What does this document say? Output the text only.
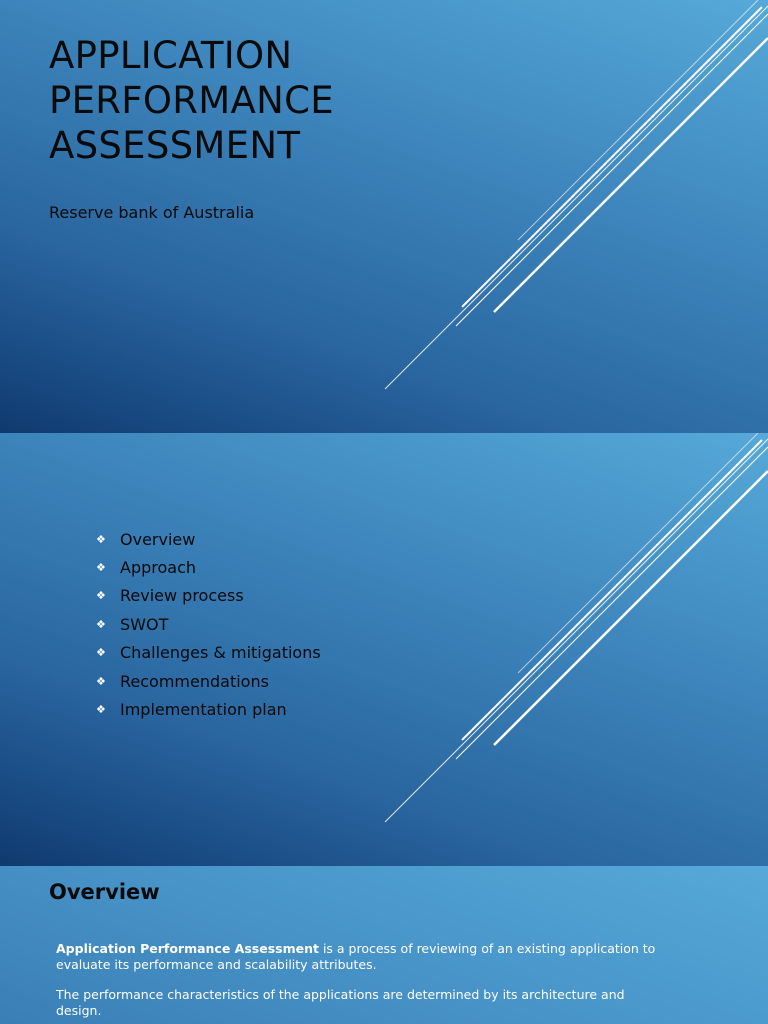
APPLICATION
PERFORMANCE
ASSESSMENT

Reserve bank of Australia

❖ Overview
❖ Approach
❖ Review process
❖ SWOT
❖ Challenges & mitigations
❖ Recommendations
❖ Implementation plan
Overview

Application Performance Assessment is a process of reviewing of an existing application to evaluate its performance and scalability attributes.

The performance characteristics of the applications are determined by its architecture and design.
